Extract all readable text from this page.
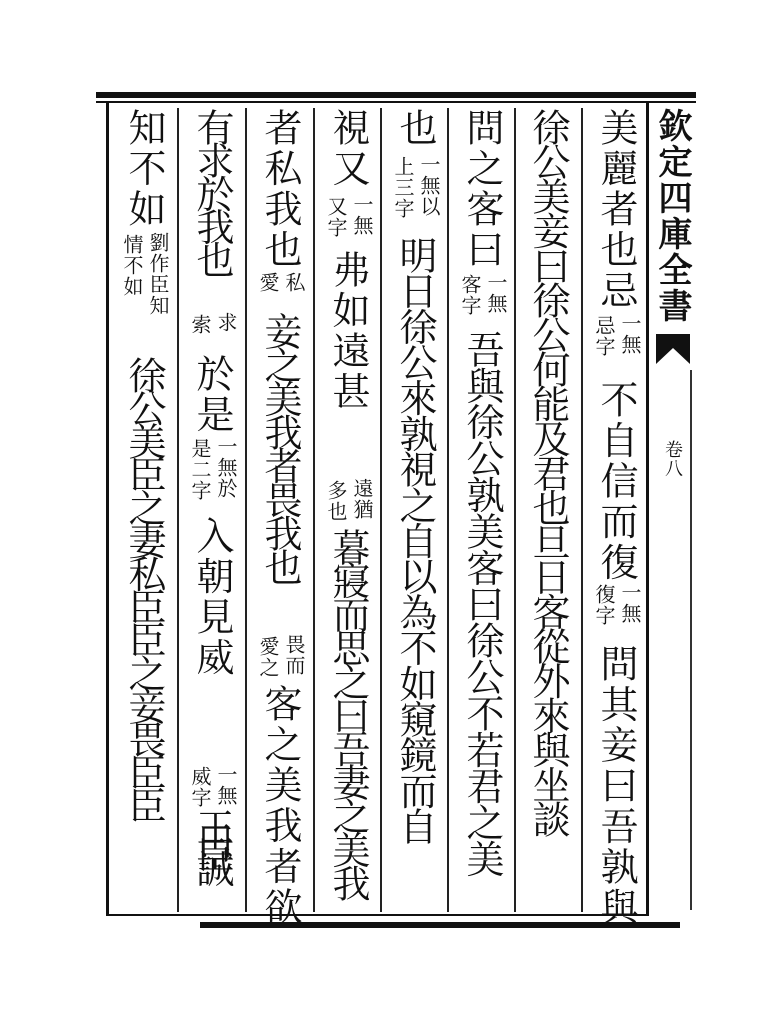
欽定四庫全書
卷八
美麗者也忌
一無
忌字
不自信而復
一無
復字
問其妾曰吾孰與
徐公美妾曰徐公何能及君也旦日客從外來與坐談
問之客曰
一無
客字
吾與徐公孰美客曰徐公不若君之美
也
一無以
上三字
明日徐公來孰視之自以為不如窺鏡而自
視又
一無
又字
弗如遠甚
遠猶
多也
暮寢而思之曰吾妻之美我
者私我也
私
愛
妾之美我者畏我也
畏而
愛之
客之美我者欲
有求於我也
求
索
於是
一無於
是二字
入朝見威
一無
威字
王曰臣誠
知不如
劉作臣知
情不如
徐公美臣之妻私臣臣之妾畏臣臣
